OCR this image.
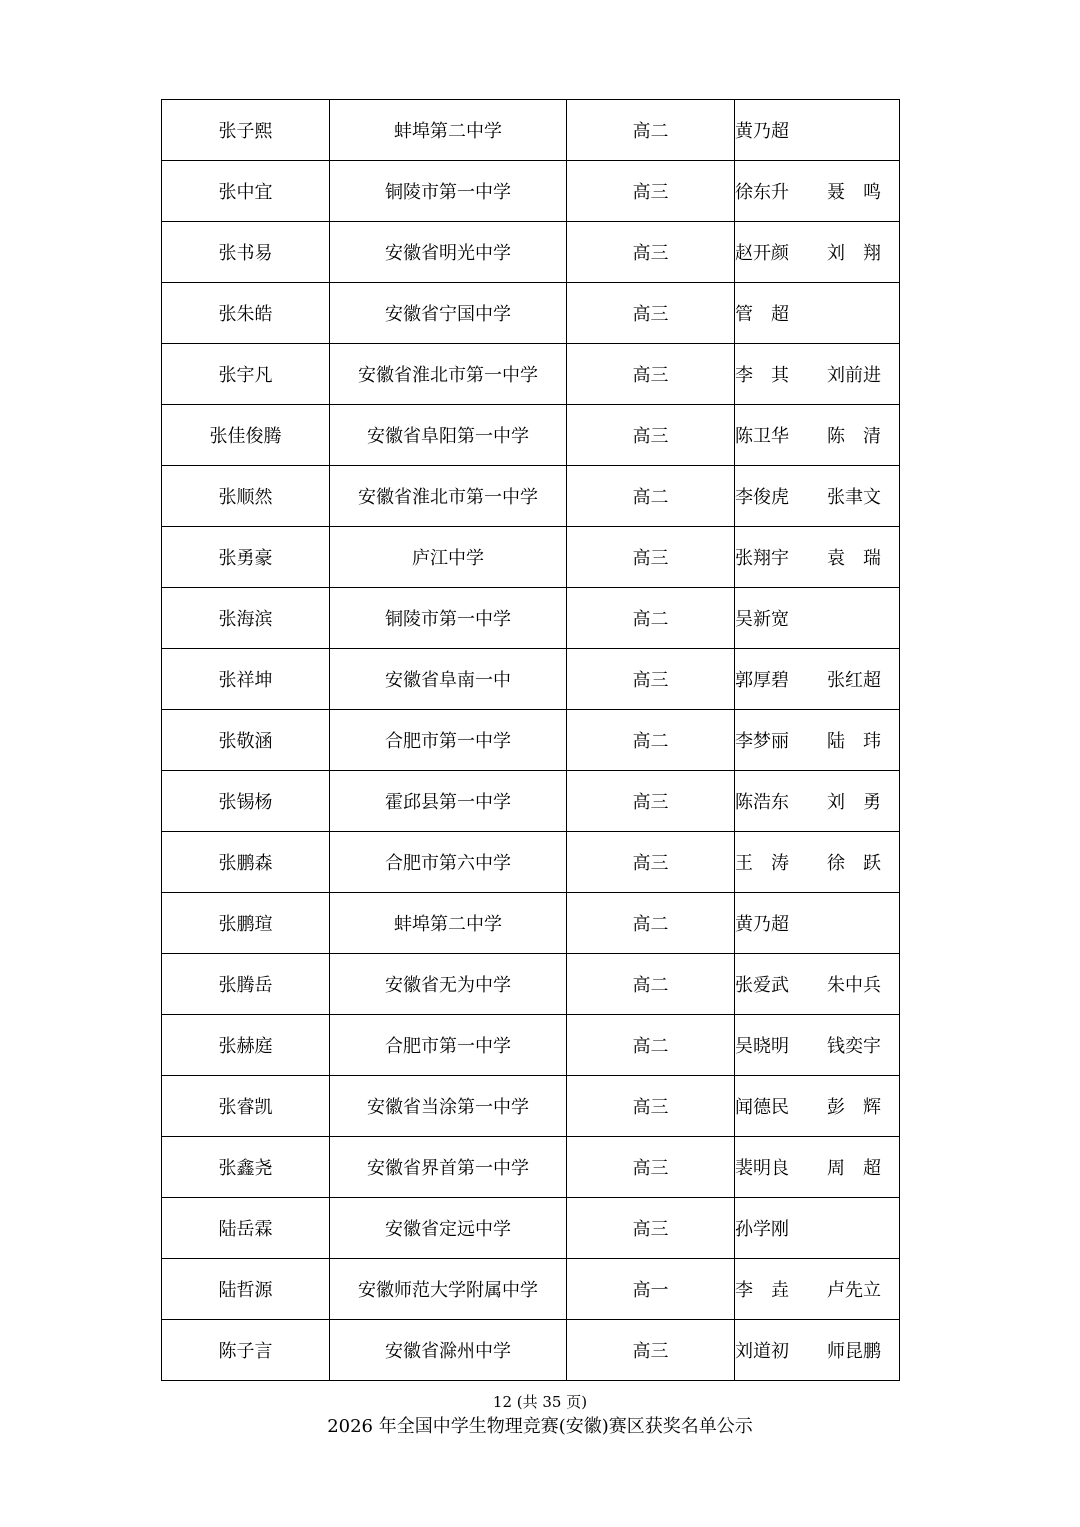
张子熙	蚌埠第二中学	高二	黄乃超

张中宜	铜陵市第一中学	高三	徐东升 聂　鸣

张书易	安徽省明光中学	高三	赵开颜 刘　翔

张朱皓	安徽省宁国中学	高三	管　超

张宇凡	安徽省淮北市第一中学	高三	李　其 刘前进

张佳俊腾	安徽省阜阳第一中学	高三	陈卫华 陈　清

张顺然	安徽省淮北市第一中学	高二	李俊虎 张聿文

张勇豪	庐江中学	高三	张翔宇 袁　瑞

张海滨	铜陵市第一中学	高二	吴新宽

张祥坤	安徽省阜南一中	高三	郭厚碧 张红超

张敬涵	合肥市第一中学	高二	李梦丽 陆　玮

张锡杨	霍邱县第一中学	高三	陈浩东 刘　勇

张鹏森	合肥市第六中学	高三	王　涛 徐　跃

张鹏瑄	蚌埠第二中学	高二	黄乃超

张腾岳	安徽省无为中学	高二	张爱武 朱中兵

张赫庭	合肥市第一中学	高二	吴晓明 钱奕宇

张睿凯	安徽省当涂第一中学	高三	闻德民 彭　辉

张鑫尧	安徽省界首第一中学	高三	裴明良 周　超

陆岳霖	安徽省定远中学	高三	孙学刚

陆哲源	安徽师范大学附属中学	高一	李　垚 卢先立

陈子言	安徽省滁州中学	高三	刘道初 师昆鹏
12 (共 35 页)
2026 年全国中学生物理竞赛(安徽)赛区获奖名单公示
